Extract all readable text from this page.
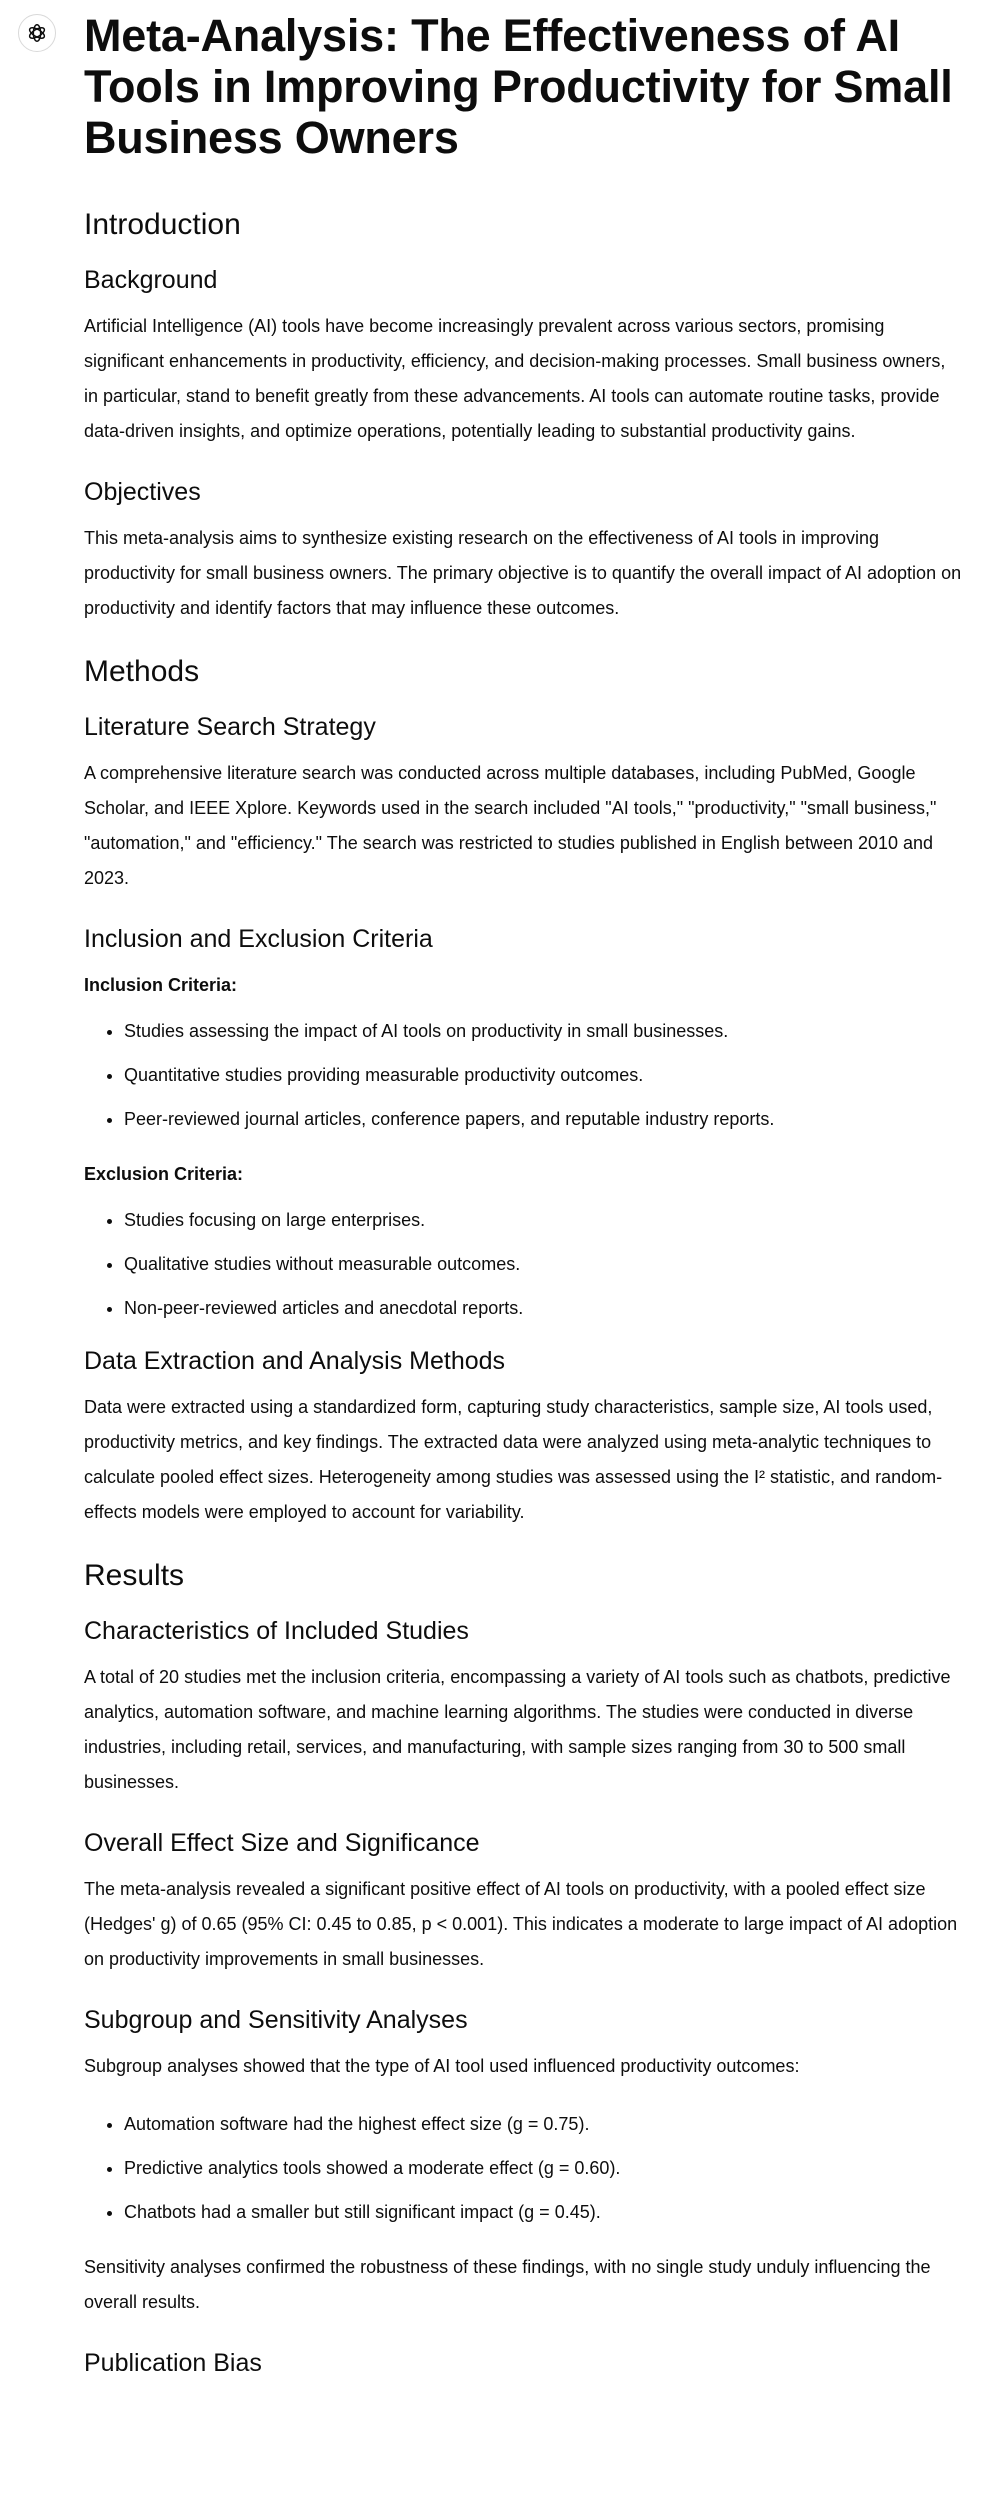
Meta-Analysis: The Effectiveness of AI Tools in Improving Productivity for Small Business Owners
Introduction
Background

Artificial Intelligence (AI) tools have become increasingly prevalent across various sectors, promising significant enhancements in productivity, efficiency, and decision-making processes. Small business owners, in particular, stand to benefit greatly from these advancements. AI tools can automate routine tasks, provide data-driven insights, and optimize operations, potentially leading to substantial productivity gains.

Objectives

This meta-analysis aims to synthesize existing research on the effectiveness of AI tools in improving productivity for small business owners. The primary objective is to quantify the overall impact of AI adoption on productivity and identify factors that may influence these outcomes.

Methods
Literature Search Strategy

A comprehensive literature search was conducted across multiple databases, including PubMed, Google Scholar, and IEEE Xplore. Keywords used in the search included "AI tools," "productivity," "small business," "automation," and "efficiency." The search was restricted to studies published in English between 2010 and 2023.

Inclusion and Exclusion Criteria

Inclusion Criteria:

• Studies assessing the impact of AI tools on productivity in small businesses.
• Quantitative studies providing measurable productivity outcomes.
• Peer-reviewed journal articles, conference papers, and reputable industry reports.

Exclusion Criteria:

• Studies focusing on large enterprises.
• Qualitative studies without measurable outcomes.
• Non-peer-reviewed articles and anecdotal reports.
Data Extraction and Analysis Methods

Data were extracted using a standardized form, capturing study characteristics, sample size, AI tools used, productivity metrics, and key findings. The extracted data were analyzed using meta-analytic techniques to calculate pooled effect sizes. Heterogeneity among studies was assessed using the I² statistic, and random-effects models were employed to account for variability.

Results
Characteristics of Included Studies

A total of 20 studies met the inclusion criteria, encompassing a variety of AI tools such as chatbots, predictive analytics, automation software, and machine learning algorithms. The studies were conducted in diverse industries, including retail, services, and manufacturing, with sample sizes ranging from 30 to 500 small businesses.

Overall Effect Size and Significance

The meta-analysis revealed a significant positive effect of AI tools on productivity, with a pooled effect size (Hedges' g) of 0.65 (95% CI: 0.45 to 0.85, p < 0.001). This indicates a moderate to large impact of AI adoption on productivity improvements in small businesses.

Subgroup and Sensitivity Analyses

Subgroup analyses showed that the type of AI tool used influenced productivity outcomes:

• Automation software had the highest effect size (g = 0.75).
• Predictive analytics tools showed a moderate effect (g = 0.60).
• Chatbots had a smaller but still significant impact (g = 0.45).

Sensitivity analyses confirmed the robustness of these findings, with no single study unduly influencing the overall results.

Publication Bias
